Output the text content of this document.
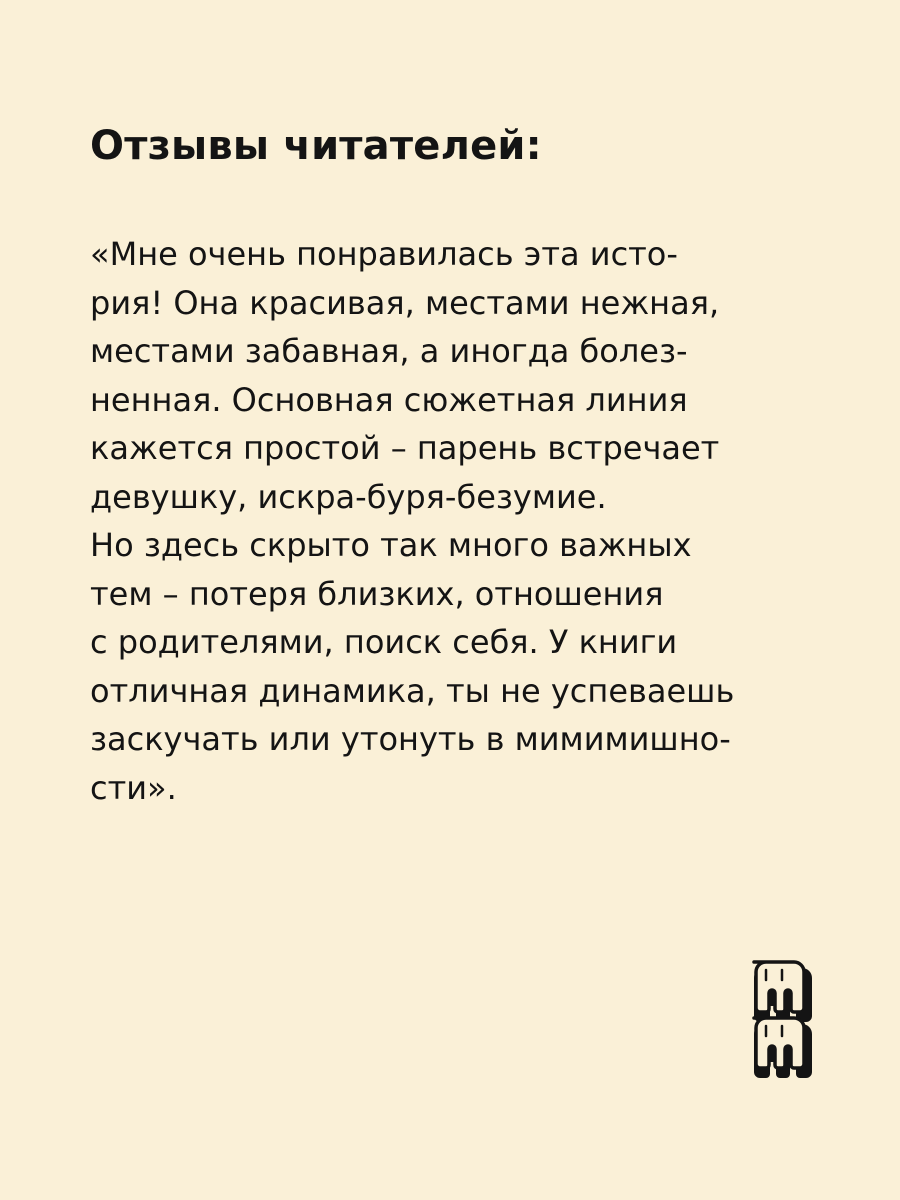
Отзывы читателей:

«Мне очень понравилась эта исто-
рия! Она красивая, местами нежная,
местами забавная, а иногда болез-
ненная. Основная сюжетная линия
кажется простой – парень встречает
девушку, искра-буря-безумие.
Но здесь скрыто так много важных
тем – потеря близких, отношения
с родителями, поиск себя. У книги
отличная динамика, ты не успеваешь
заскучать или утонуть в мимимишно-
сти».
